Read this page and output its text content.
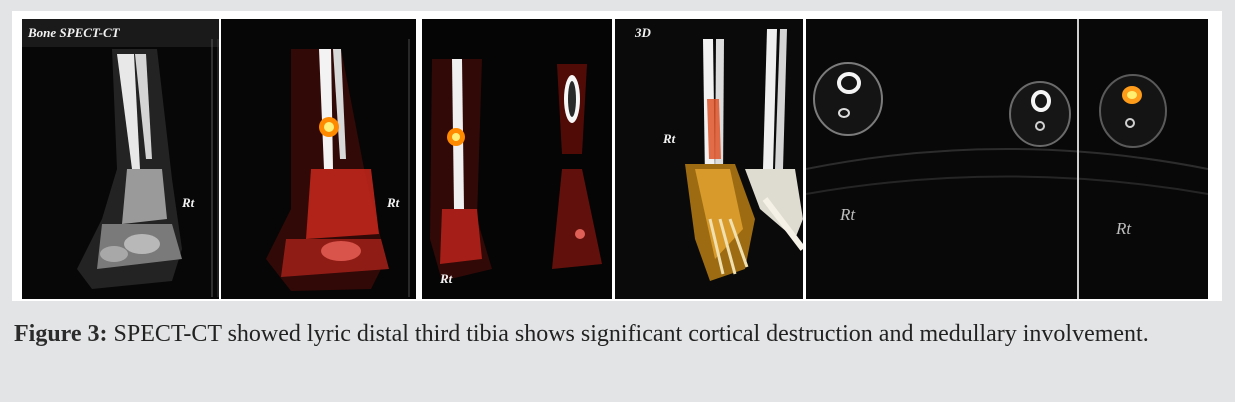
Bone SPECT-CT
Rt	Rt
Rt
3D
Rt
Rt
Rt
Figure 3: SPECT-CT showed lyric distal third tibia shows significant cortical destruction and medullary involvement.
